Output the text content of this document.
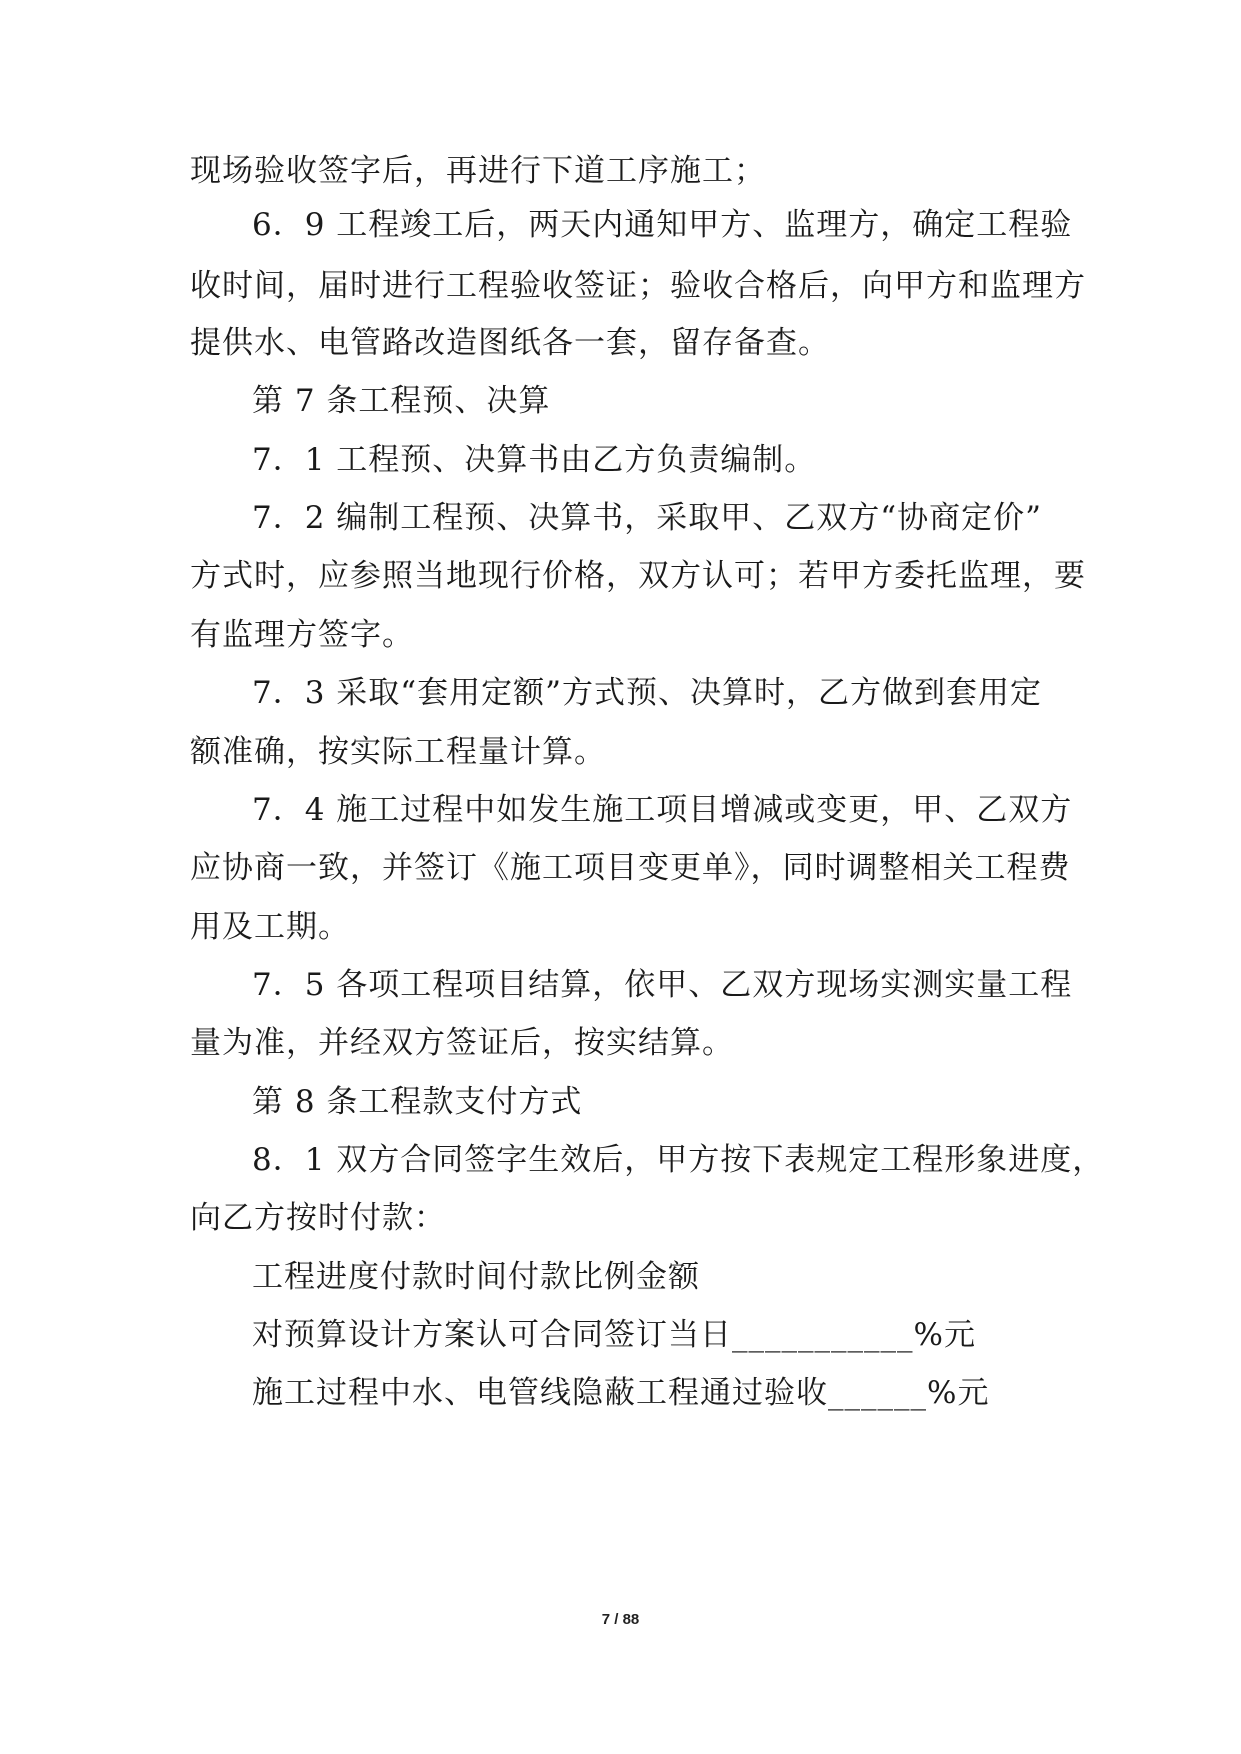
现场验收签字后，再进行下道工序施工；
6．9 工程竣工后，两天内通知甲方、监理方，确定工程验
收时间，届时进行工程验收签证；验收合格后，向甲方和监理方
提供水、电管路改造图纸各一套，留存备查。
第 7 条工程预、决算
7．1 工程预、决算书由乙方负责编制。
7．2 编制工程预、决算书，采取甲、乙双方“协商定价”
方式时，应参照当地现行价格，双方认可；若甲方委托监理，要
有监理方签字。
7．3 采取“套用定额”方式预、决算时，乙方做到套用定
额准确，按实际工程量计算。
7．4 施工过程中如发生施工项目增减或变更，甲、乙双方
应协商一致，并签订《施工项目变更单》，同时调整相关工程费
用及工期。
7．5 各项工程项目结算，依甲、乙双方现场实测实量工程
量为准，并经双方签证后，按实结算。
第 8 条工程款支付方式
8．1 双方合同签字生效后，甲方按下表规定工程形象进度，
向乙方按时付款：
工程进度付款时间付款比例金额
对预算设计方案认可合同签订当日___________%元
施工过程中水、电管线隐蔽工程通过验收______%元
7 / 88
